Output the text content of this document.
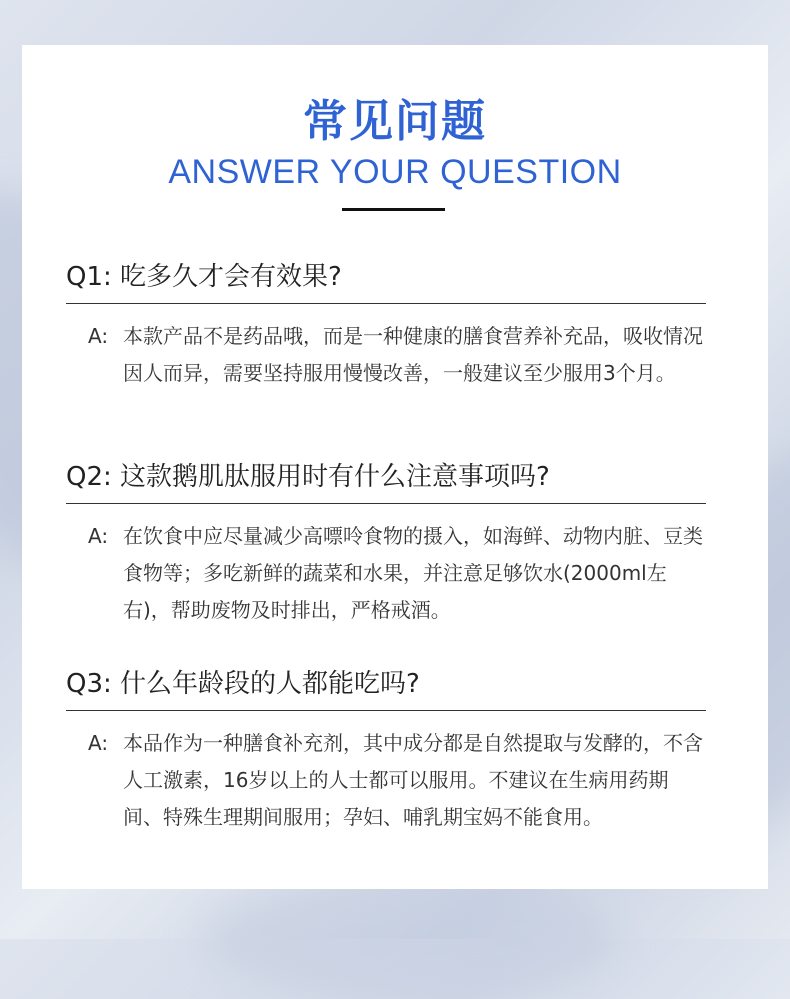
常见问题
ANSWER YOUR QUESTION
Q1: 吃多久才会有效果?
A: 本款产品不是药品哦，而是一种健康的膳食营养补充品，吸收情况因人而异，需要坚持服用慢慢改善，一般建议至少服用3个月。
Q2: 这款鹅肌肽服用时有什么注意事项吗?
A: 在饮食中应尽量减少高嘌呤食物的摄入，如海鲜、动物内脏、豆类食物等；多吃新鲜的蔬菜和水果，并注意足够饮水(2000ml左右)，帮助废物及时排出，严格戒酒。
Q3: 什么年龄段的人都能吃吗?
A: 本品作为一种膳食补充剂，其中成分都是自然提取与发酵的，不含人工激素，16岁以上的人士都可以服用。不建议在生病用药期间、特殊生理期间服用；孕妇、哺乳期宝妈不能食用。
